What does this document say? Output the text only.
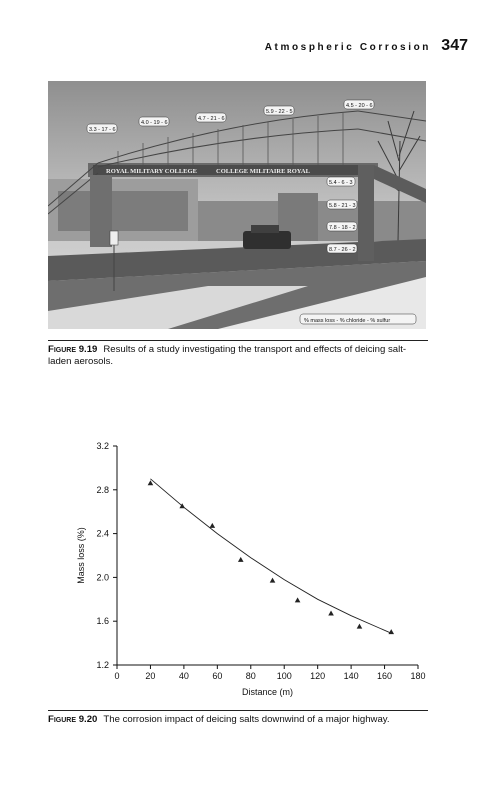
Atmospheric Corrosion 347
ROYAL MILITARY COLLEGE	COLLEGE MILITAIRE ROYAL
3.3 - 17 - 6
4.0 - 19 - 6
4.7 - 21 - 6
5.9 - 22 - 5
4.5 - 20 - 6
5.4 - 6 - 3
5.8 - 21 - 3
7.8 - 18 - 2
8.7 - 26 - 2
% mass loss - % chloride - % sulfur
Figure 9.19 Results of a study investigating the transport and effects of deicing salt-laden aerosols.
0	20	40	60	80 100 120 140 160 180
1.2
1.6
2.0
2.4
2.8
3.2
Distance (m)
Mass loss (%)
Figure 9.20 The corrosion impact of deicing salts downwind of a major highway.
